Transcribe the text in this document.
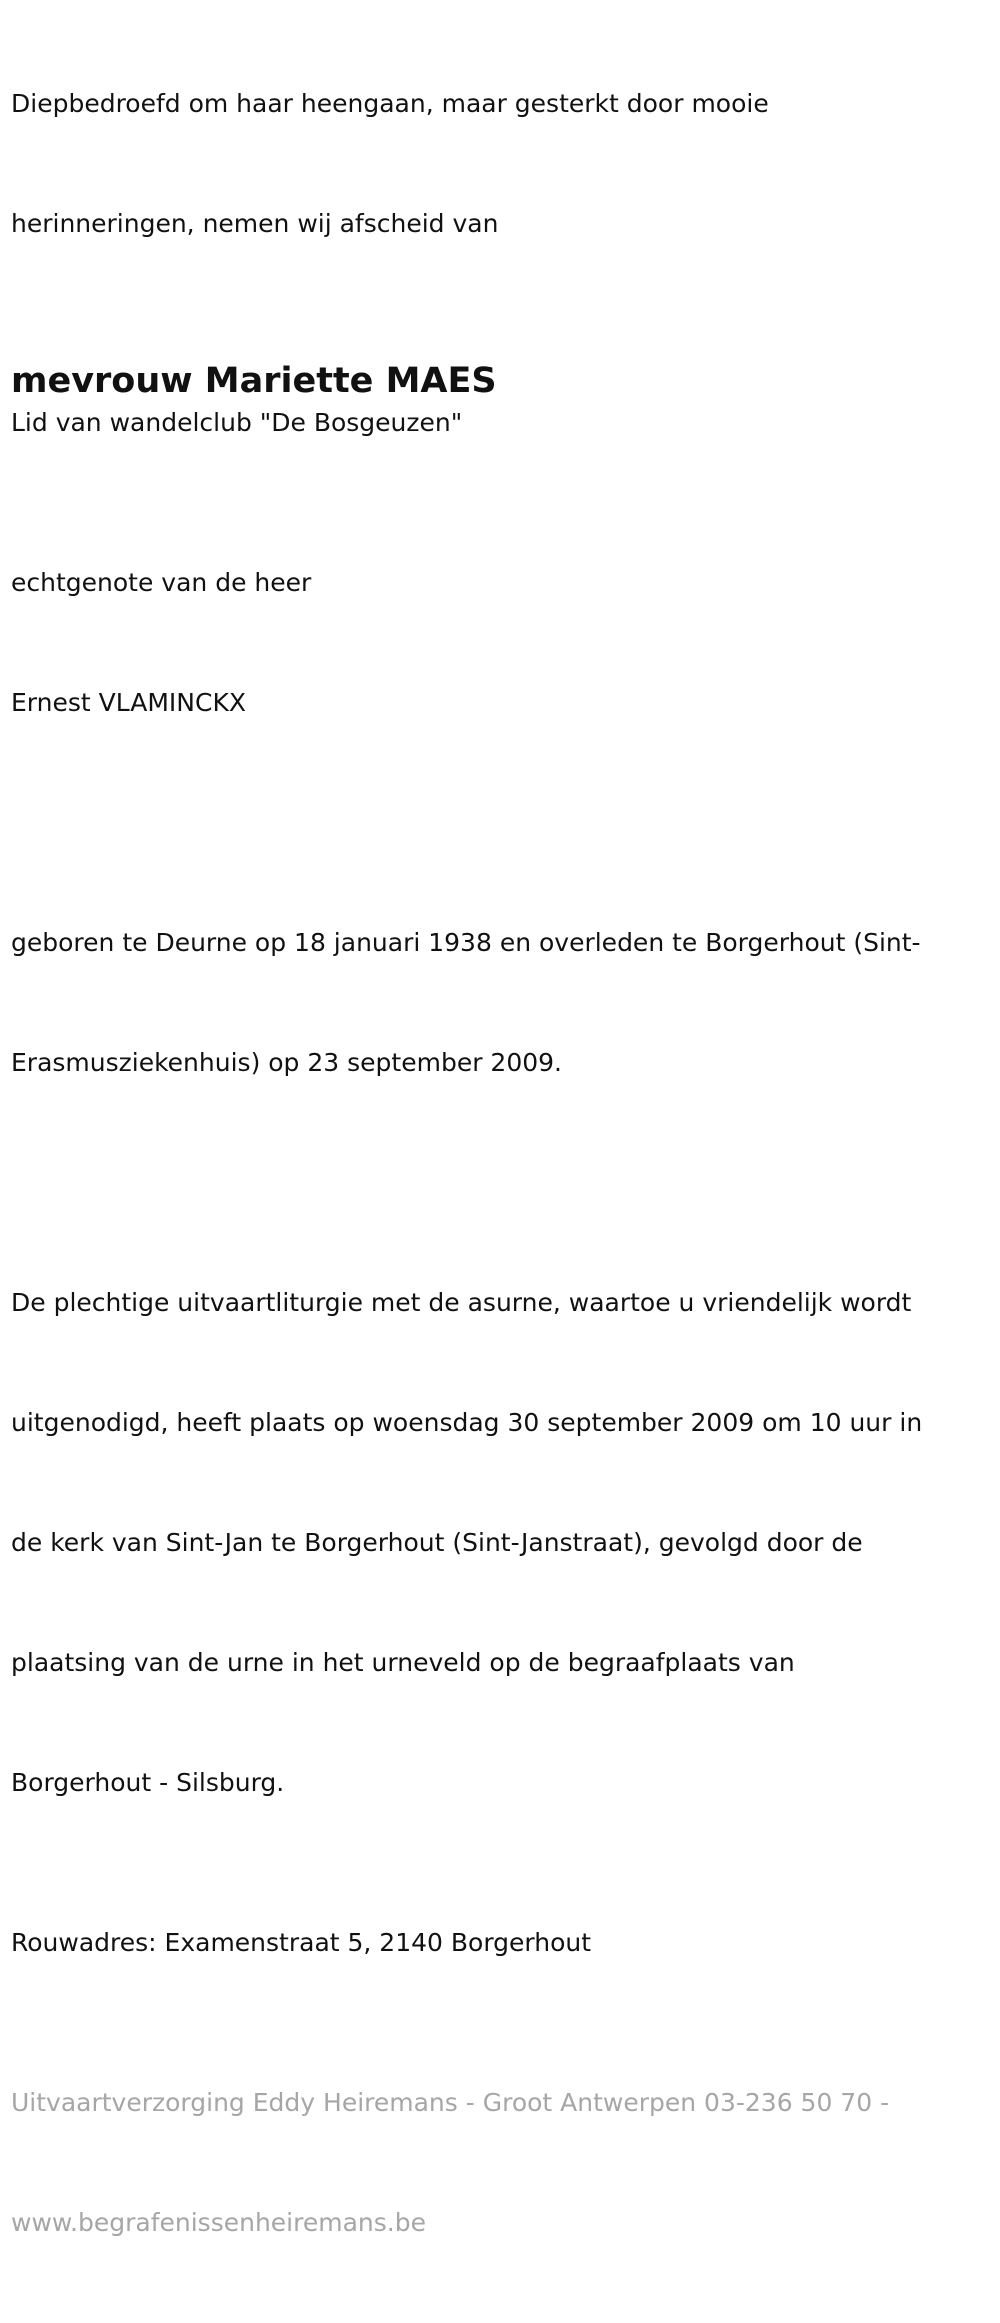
Diepbedroefd om haar heengaan, maar gesterkt door mooie

herinneringen, nemen wij afscheid van

mevrouw Mariette MAES
Lid van wandelclub "De Bosgeuzen"

echtgenote van de heer

Ernest VLAMINCKX

geboren te Deurne op 18 januari 1938 en overleden te Borgerhout (Sint-

Erasmusziekenhuis) op 23 september 2009.

De plechtige uitvaartliturgie met de asurne, waartoe u vriendelijk wordt

uitgenodigd, heeft plaats op woensdag 30 september 2009 om 10 uur in

de kerk van Sint-Jan te Borgerhout (Sint-Janstraat), gevolgd door de

plaatsing van de urne in het urneveld op de begraafplaats van

Borgerhout - Silsburg.

Rouwadres: Examenstraat 5, 2140 Borgerhout

Uitvaartverzorging Eddy Heiremans - Groot Antwerpen 03-236 50 70 -

www.begrafenissenheiremans.be
